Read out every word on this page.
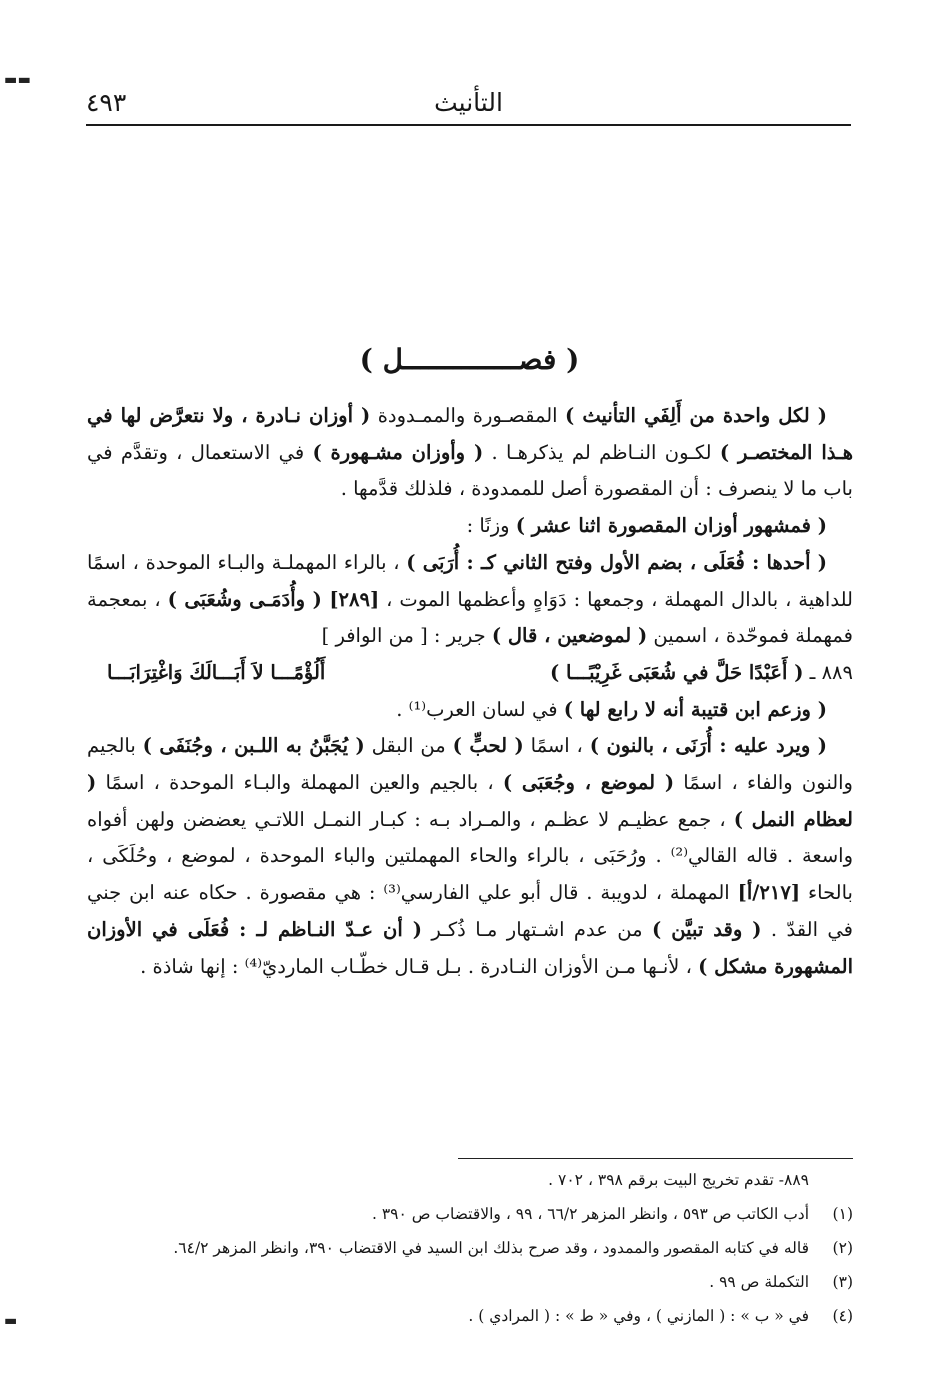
▬ ▬
التأنيث
٤٩٣
( فصــــــــــــــل )

( لكل واحدة من أَلِفَي التأنيث ) المقصـورة والممـدودة ( أوزان نـادرة ، ولا نتعرَّض لها في هـذا المختصـر ) لكـون النـاظم لم يذكرهـا . ( وأوزان مشـهورة ) في الاستعمال ، وتقدَّم في باب ما لا ينصرف : أن المقصورة أصل للممدودة ، فلذلك قدَّمها .

( فمشهور أوزان المقصورة اثنا عشر ) وزنًا :

( أحدها : فُعَلَى ، بضم الأول وفتح الثاني كـ : أُرَبَى ) ، بالراء المهملـة والبـاء الموحدة ، اسمًا للداهية ، بالدال المهملة ، وجمعها : دَوَاهٍ وأعظمها الموت ، [٢٨٩] ( وأُدَمَـى وشُعَبَى ) ، بمعجمة فمهملة فموحّدة ، اسمين ( لموضعين ، قال ) جرير : [ من الوافر ]

٨٨٩ ـ ( أَعَبْدًا حَلَّ في شُعَبَى غَرِيْبًـــا )
أَلُؤْمًـــا لاَ أَبَـــالَكَ وَاغْتِرَابَـــا

( وزعم ابن قتيبة أنه لا رابع لها ) في لسان العرب⁽¹⁾ .

( ويرد عليه : أُرَنَى ، بالنون ) ، اسمًا ( لحبٍّ ) من البقل ( يُجَبَّنُ به اللـبن ، وجُنَفَى ) بالجيم والنون والفاء ، اسمًا ( لموضع ، وجُعَبَى ) ، بالجيم والعين المهملة والبـاء الموحدة ، اسمًا ( لعظام النمل ) ، جمع عظيـم لا عظـم ، والمـراد بـه : كبـار النمـل اللاتـي يعضضن ولهن أفواه واسعة . قاله القالي⁽²⁾ . ورُحَبَى ، بالراء والحاء المهملتين والباء الموحدة ، لموضع ، وحُلَكَى ، بالحاء [٢١٧/أ] المهملة ، لدويبة . قال أبو علي الفارسي⁽³⁾ : هي مقصورة . حكاه عنه ابن جني في القدّ . ( وقد تبيَّن ) من عدم اشـتهار مـا ذُكـر ( أن عـدّ النـاظم لـ : فُعَلَى في الأوزان المشهورة مشكل ) ، لأنـها مـن الأوزان النـادرة . بـل قـال خطّـاب المارديّ⁽⁴⁾ : إنها شاذة .

٨٨٩- تقدم تخريج البيت برقم ٣٩٨ ، ٧٠٢ .
(١)
أدب الكاتب ص ٥٩٣ ، وانظر المزهر ٦٦/٢ ، ٩٩ ، والاقتضاب ص ٣٩٠ .
(٢)
قاله في كتابه المقصور والممدود ، وقد صرح بذلك ابن السيد في الاقتضاب ٣٩٠، وانظر المزهر ٦٤/٢.
(٣)
التكملة ص ٩٩ .
(٤)
في « ب » : ( المازني ) ، وفي « ط » : ( المرادي ) .
▬
